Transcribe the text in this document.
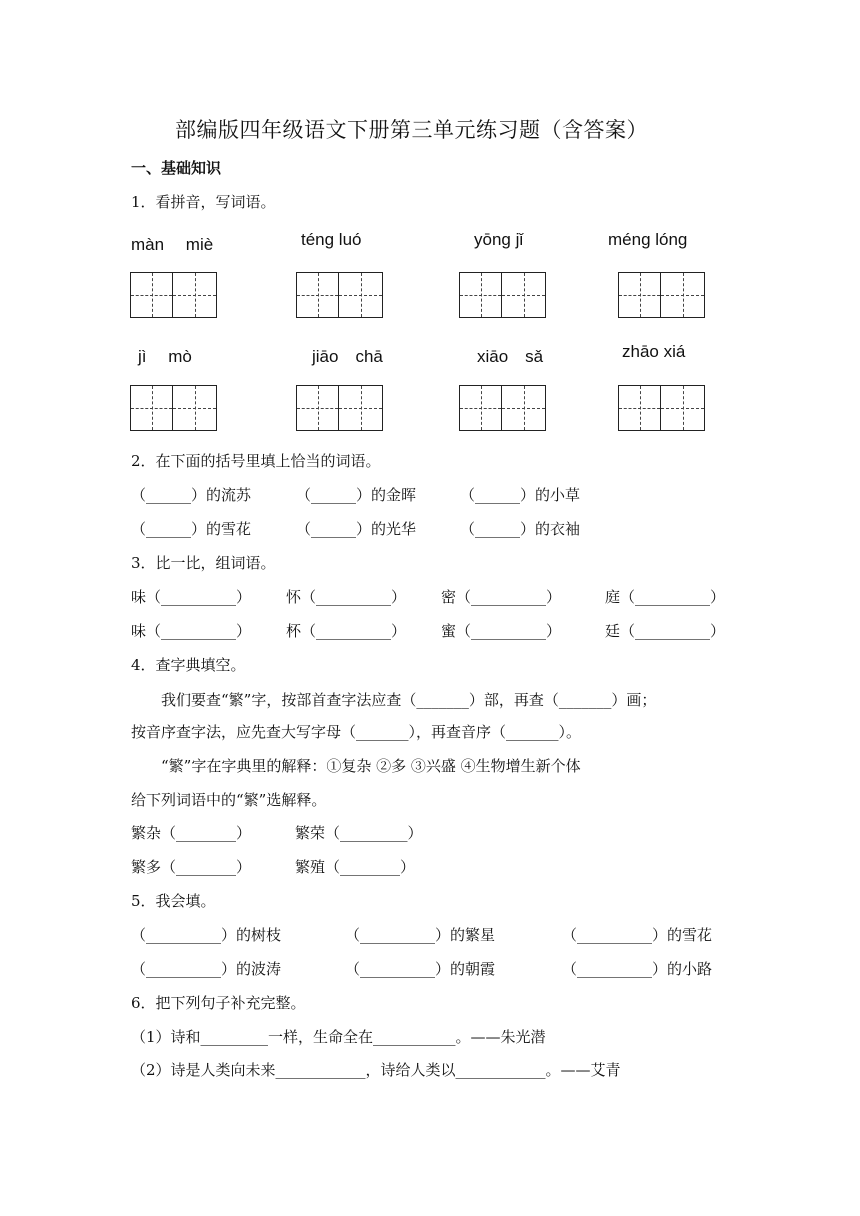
部编版四年级语文下册第三单元练习题（含答案）
一、基础知识
1．看拼音，写词语。
màn　 miè	téng luó	yōng jǐ	méng lóng
jì　 mò	jiāo　chā	xiāo　sǎ	zhāo xiá
2．在下面的括号里填上恰当的词语。
（______）的流苏	（______）的金晖	（______）的小草
（______）的雪花	（______）的光华	（______）的衣袖
3．比一比，组词语。
味（__________） 怀（__________） 密（__________）	庭（__________）
味（__________） 杯（__________） 蜜（__________）	廷（__________）
4．查字典填空。
我们要查“繁”字，按部首查字法应查（_______）部，再查（_______）画；
按音序查字法，应先查大写字母（_______），再查音序（_______）。
“繁”字在字典里的解释：①复杂 ②多 ③兴盛 ④生物增生新个体
给下列词语中的“繁”选解释。
繁杂（________）	繁荣（_________）
繁多（________）	繁殖（________）
5．我会填。
（__________）的树枝	（__________）的繁星	（__________）的雪花
（__________）的波涛	（__________）的朝霞	（__________）的小路
6．把下列句子补充完整。
（1）诗和_________一样，生命全在___________。——朱光潜
（2）诗是人类向未来____________，诗给人类以____________。——艾青
